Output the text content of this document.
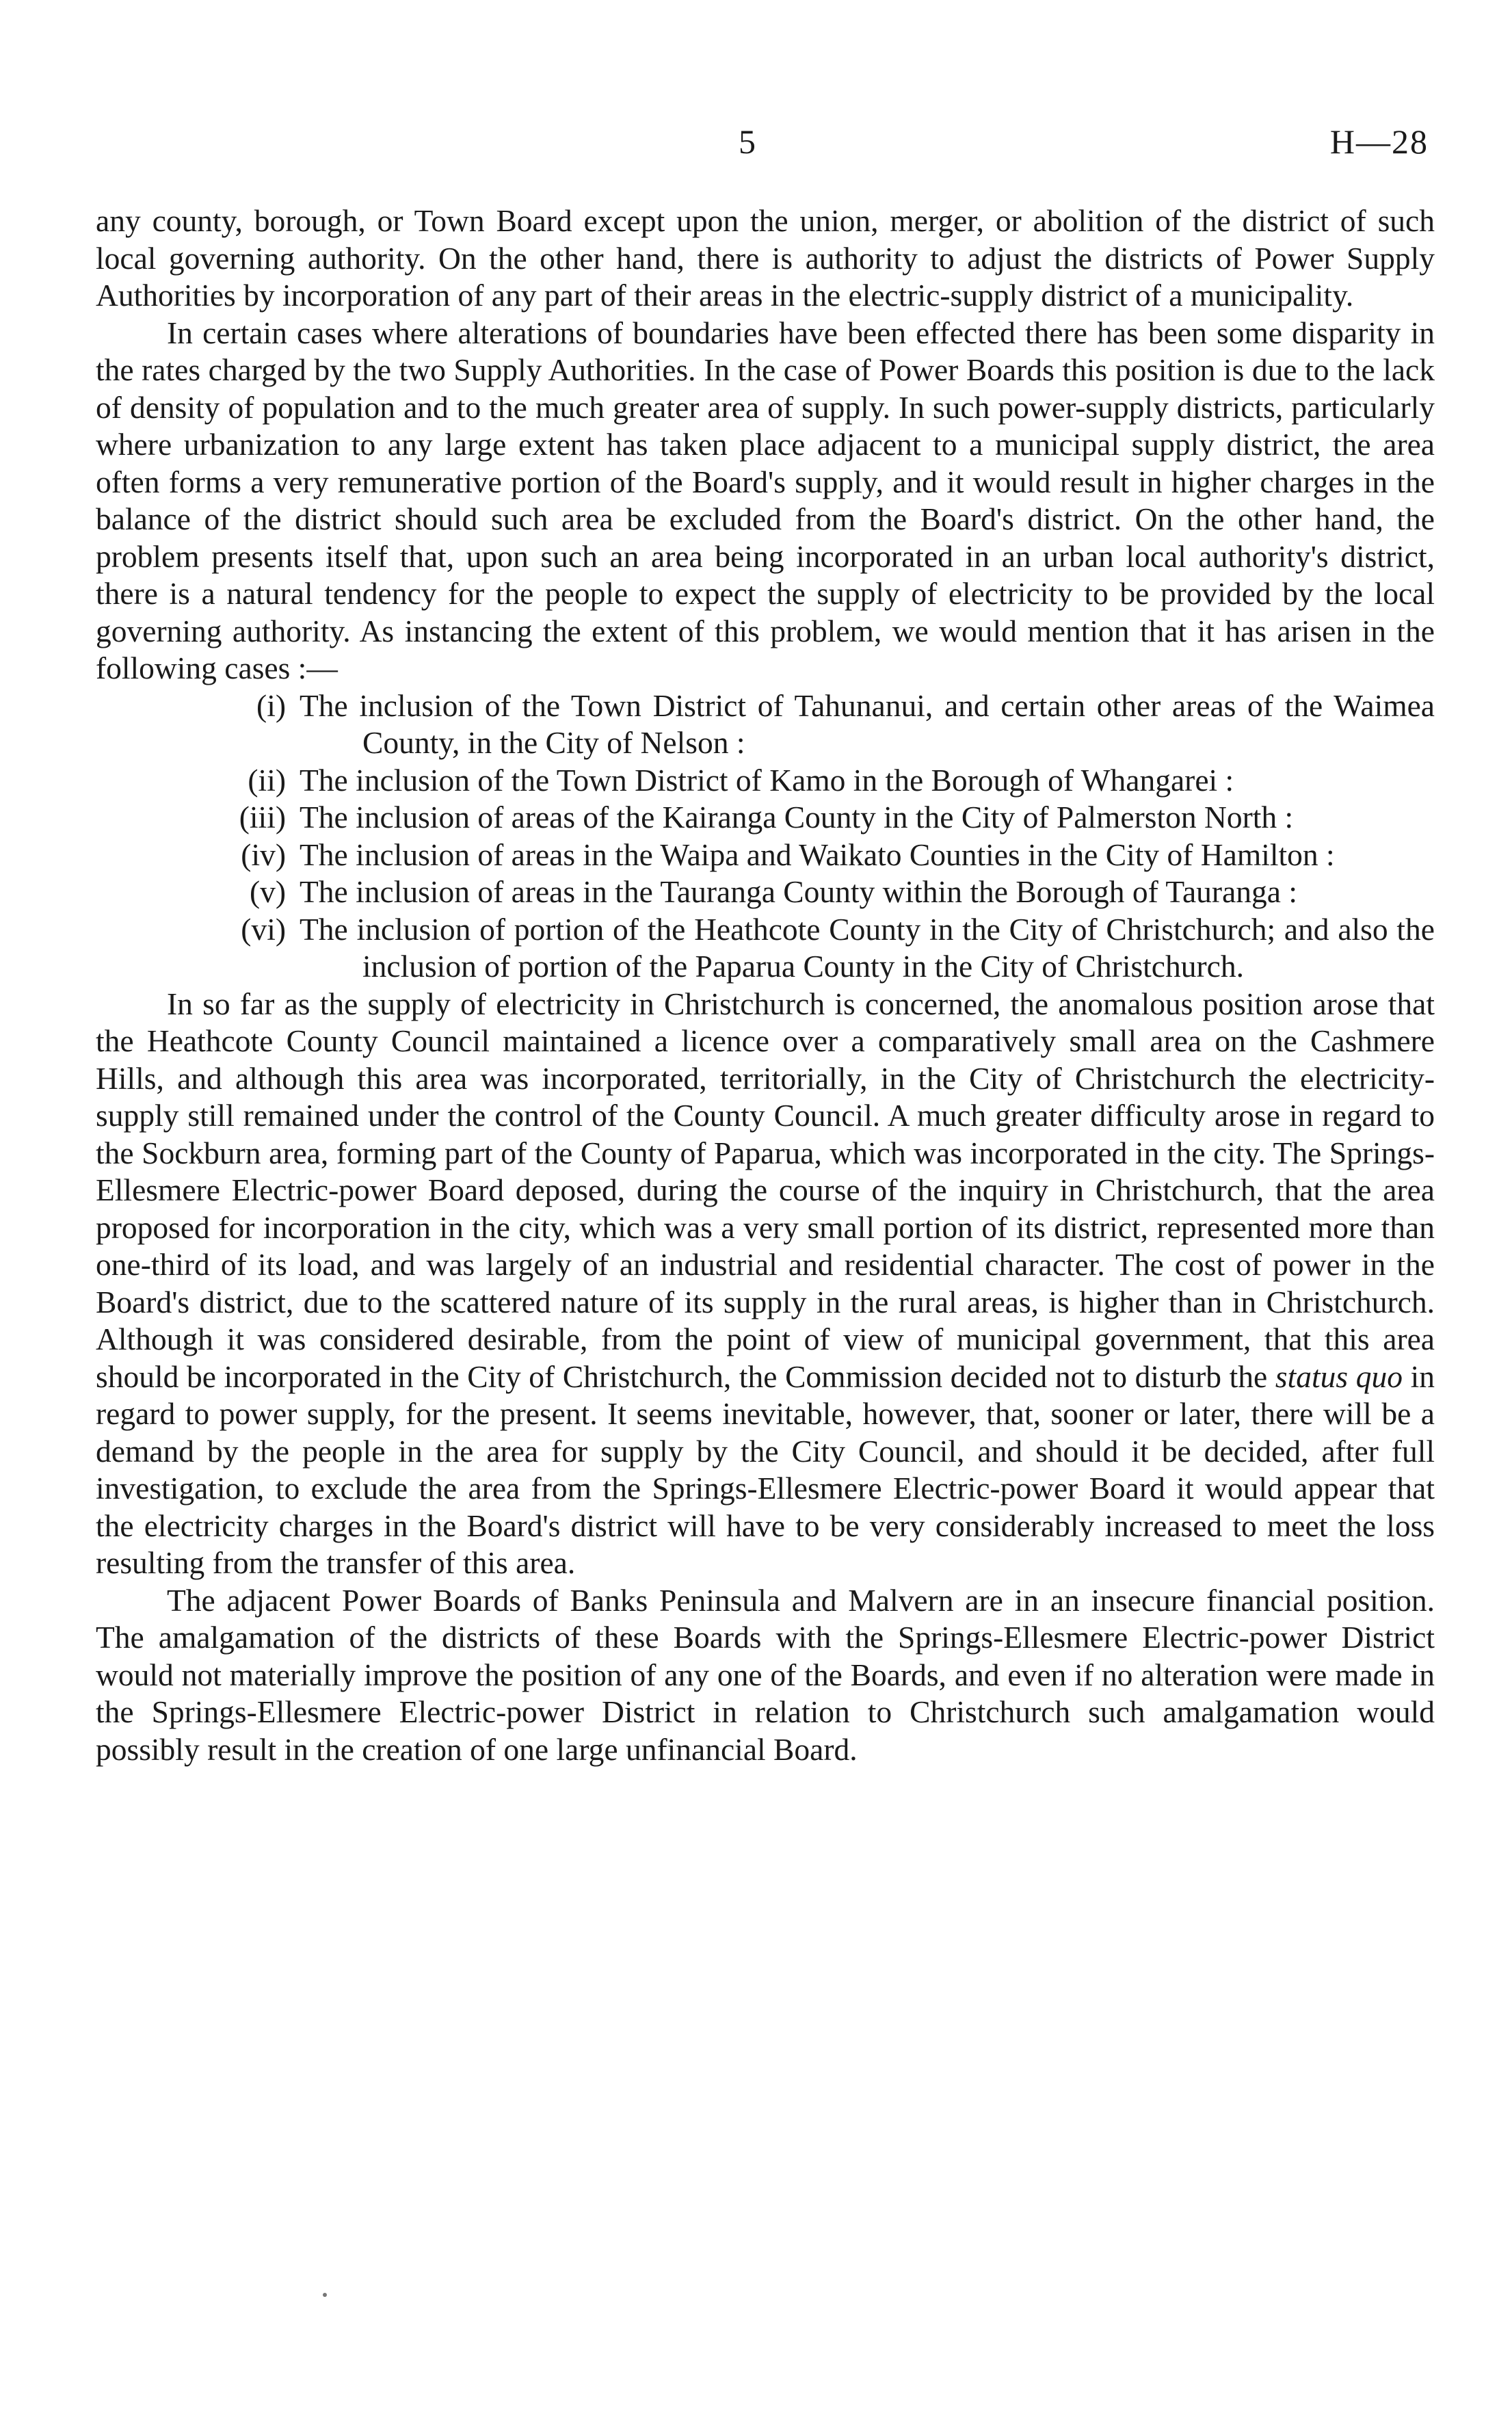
5	H—28

any county, borough, or Town Board except upon the union, merger, or abolition of the district of such local governing authority. On the other hand, there is authority to adjust the districts of Power Supply Authorities by incorporation of any part of their areas in the electric-supply district of a municipality.

In certain cases where alterations of boundaries have been effected there has been some disparity in the rates charged by the two Supply Authorities. In the case of Power Boards this position is due to the lack of density of population and to the much greater area of supply. In such power-supply districts, particularly where urbanization to any large extent has taken place adjacent to a municipal supply district, the area often forms a very remunerative portion of the Board's supply, and it would result in higher charges in the balance of the district should such area be excluded from the Board's district. On the other hand, the problem presents itself that, upon such an area being incorporated in an urban local authority's district, there is a natural tendency for the people to expect the supply of electricity to be provided by the local governing authority. As instancing the extent of this problem, we would mention that it has arisen in the following cases :—

(i) The inclusion of the Town District of Tahunanui, and certain other areas of the Waimea County, in the City of Nelson :
(ii) The inclusion of the Town District of Kamo in the Borough of Whangarei :
(iii) The inclusion of areas of the Kairanga County in the City of Palmerston North :
(iv) The inclusion of areas in the Waipa and Waikato Counties in the City of Hamilton :
(v) The inclusion of areas in the Tauranga County within the Borough of Tauranga :
(vi) The inclusion of portion of the Heathcote County in the City of Christchurch; and also the inclusion of portion of the Paparua County in the City of Christchurch.

In so far as the supply of electricity in Christchurch is concerned, the anomalous position arose that the Heathcote County Council maintained a licence over a comparatively small area on the Cashmere Hills, and although this area was incorporated, territorially, in the City of Christchurch the electricity-supply still remained under the control of the County Council. A much greater difficulty arose in regard to the Sockburn area, forming part of the County of Paparua, which was incorporated in the city. The Springs-Ellesmere Electric-power Board deposed, during the course of the inquiry in Christchurch, that the area proposed for incorporation in the city, which was a very small portion of its district, represented more than one-third of its load, and was largely of an industrial and residential character. The cost of power in the Board's district, due to the scattered nature of its supply in the rural areas, is higher than in Christchurch. Although it was considered desirable, from the point of view of municipal government, that this area should be incorporated in the City of Christchurch, the Commission decided not to disturb the status quo in regard to power supply, for the present. It seems inevitable, however, that, sooner or later, there will be a demand by the people in the area for supply by the City Council, and should it be decided, after full investigation, to exclude the area from the Springs-Ellesmere Electric-power Board it would appear that the electricity charges in the Board's district will have to be very considerably increased to meet the loss resulting from the transfer of this area.

The adjacent Power Boards of Banks Peninsula and Malvern are in an insecure financial position. The amalgamation of the districts of these Boards with the Springs-Ellesmere Electric-power District would not materially improve the position of any one of the Boards, and even if no alteration were made in the Springs-Ellesmere Electric-power District in relation to Christchurch such amalgamation would possibly result in the creation of one large unfinancial Board.
